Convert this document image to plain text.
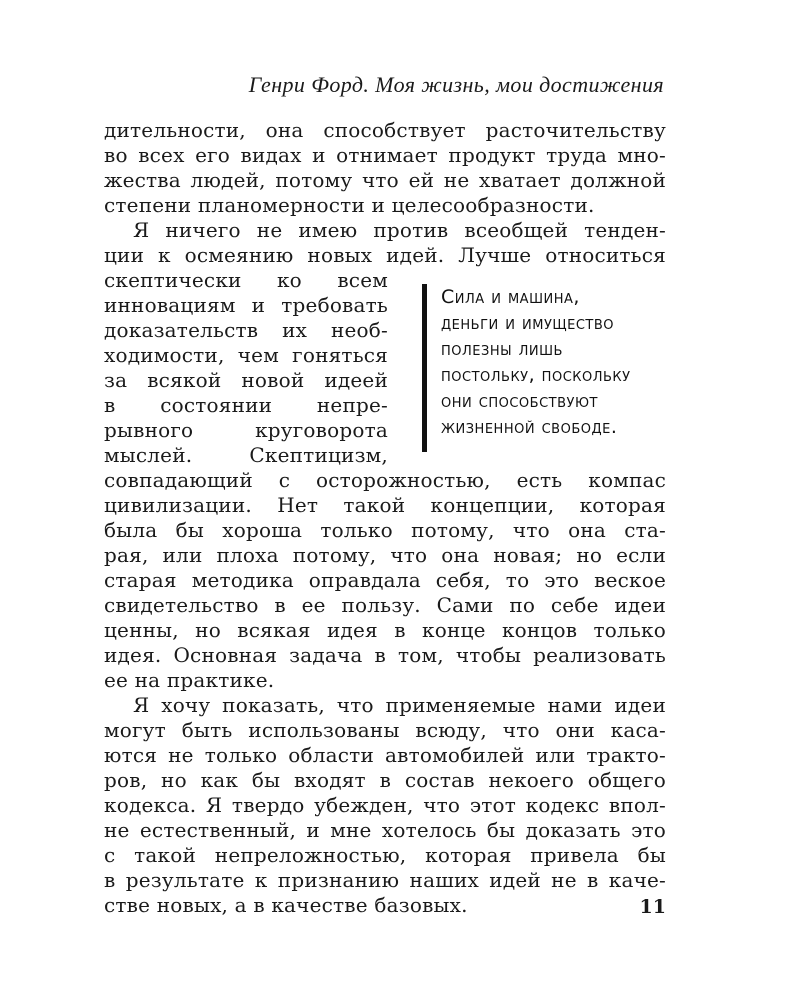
Генри Форд. Моя жизнь, мои достижения
дительности, она способствует расточительству
во всех его видах и отнимает продукт труда мно-
жества людей, потому что ей не хватает должной
степени планомерности и целесообразности.
Я ничего не имею против всеобщей тенден-
ции к осмеянию новых идей. Лучше относиться
скептически ко всем
инновациям и требовать
доказательств их необ-
ходимости, чем гоняться
за всякой новой идеей
в состоянии непре-
рывного круговорота
мыслей. Скептицизм,
совпадающий с осторожностью, есть компас
цивилизации. Нет такой концепции, которая
была бы хороша только потому, что она ста-
рая, или плоха потому, что она новая; но если
старая методика оправдала себя, то это веское
свидетельство в ее пользу. Сами по себе идеи
ценны, но всякая идея в конце концов только
идея. Основная задача в том, чтобы реализовать
ее на практике.
Я хочу показать, что применяемые нами идеи
могут быть использованы всюду, что они каса-
ются не только области автомобилей или тракто-
ров, но как бы входят в состав некоего общего
кодекса. Я твердо убежден, что этот кодекс впол-
не естественный, и мне хотелось бы доказать это
с такой непреложностью, которая привела бы
в результате к признанию наших идей не в каче-
стве новых, а в качестве базовых.
Сила и машина,
деньги и имущество
полезны лишь
постольку, поскольку
они способствуют
жизненной свободе.
11
